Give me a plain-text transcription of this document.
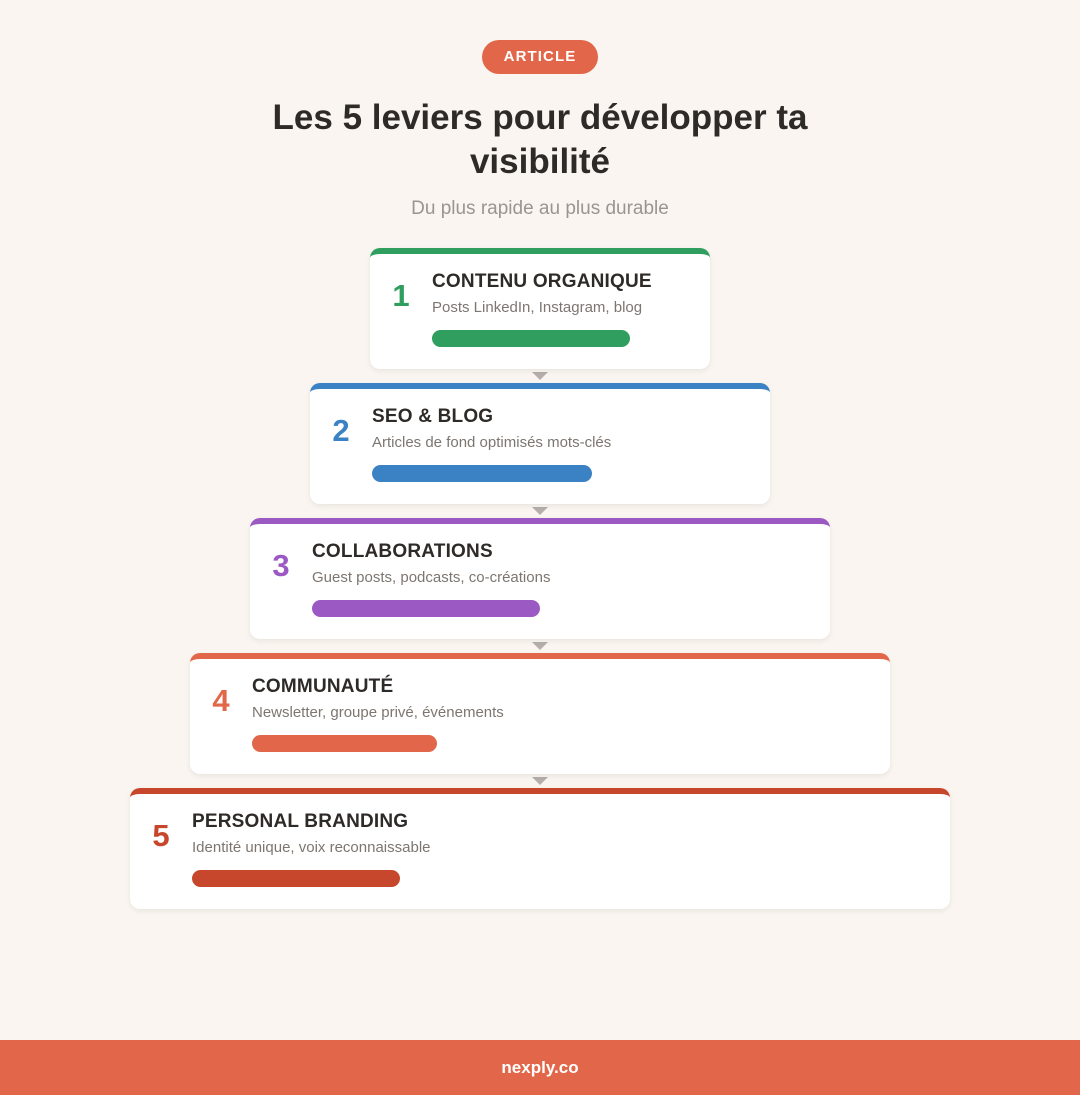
ARTICLE
Les 5 leviers pour développer ta visibilité
Du plus rapide au plus durable
1	CONTENU ORGANIQUE
Posts LinkedIn, Instagram, blog
2	SEO & BLOG
Articles de fond optimisés mots-clés
3	COLLABORATIONS
Guest posts, podcasts, co-créations
4	COMMUNAUTÉ
Newsletter, groupe privé, événements
5	PERSONAL BRANDING
Identité unique, voix reconnaissable
nexply.co
